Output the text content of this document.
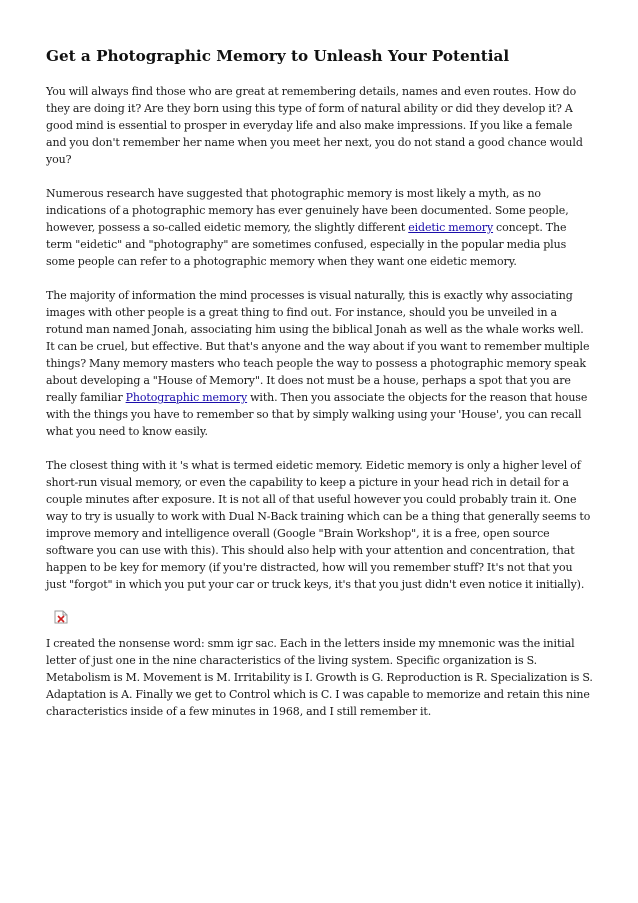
Get a Photographic Memory to Unleash Your Potential

You will always find those who are great at remembering details, names and even routes. How do they are doing it? Are they born using this type of form of natural ability or did they develop it? A good mind is essential to prosper in everyday life and also make impressions. If you like a female and you don't remember her name when you meet her next, you do not stand a good chance would you?

Numerous research have suggested that photographic memory is most likely a myth, as no indications of a photographic memory has ever genuinely have been documented. Some people, however, possess a so-called eidetic memory, the slightly different eidetic memory concept. The term "eidetic" and "photography" are sometimes confused, especially in the popular media plus some people can refer to a photographic memory when they want one eidetic memory.

The majority of information the mind processes is visual naturally, this is exactly why associating images with other people is a great thing to find out. For instance, should you be unveiled in a rotund man named Jonah, associating him using the biblical Jonah as well as the whale works well. It can be cruel, but effective. But that's anyone and the way about if you want to remember multiple things? Many memory masters who teach people the way to possess a photographic memory speak about developing a "House of Memory". It does not must be a house, perhaps a spot that you are really familiar Photographic memory with. Then you associate the objects for the reason that house with the things you have to remember so that by simply walking using your 'House', you can recall what you need to know easily.

The closest thing with it 's what is termed eidetic memory. Eidetic memory is only a higher level of short-run visual memory, or even the capability to keep a picture in your head rich in detail for a couple minutes after exposure. It is not all of that useful however you could probably train it. One way to try is usually to work with Dual N-Back training which can be a thing that generally seems to improve memory and intelligence overall (Google "Brain Workshop", it is a free, open source software you can use with this). This should also help with your attention and concentration, that happen to be key for memory (if you're distracted, how will you remember stuff? It's not that you just "forgot" in which you put your car or truck keys, it's that you just didn't even notice it initially).

I created the nonsense word: smm igr sac. Each in the letters inside my mnemonic was the initial letter of just one in the nine characteristics of the living system. Specific organization is S. Metabolism is M. Movement is M. Irritability is I. Growth is G. Reproduction is R. Specialization is S. Adaptation is A. Finally we get to Control which is C. I was capable to memorize and retain this nine characteristics inside of a few minutes in 1968, and I still remember it.
